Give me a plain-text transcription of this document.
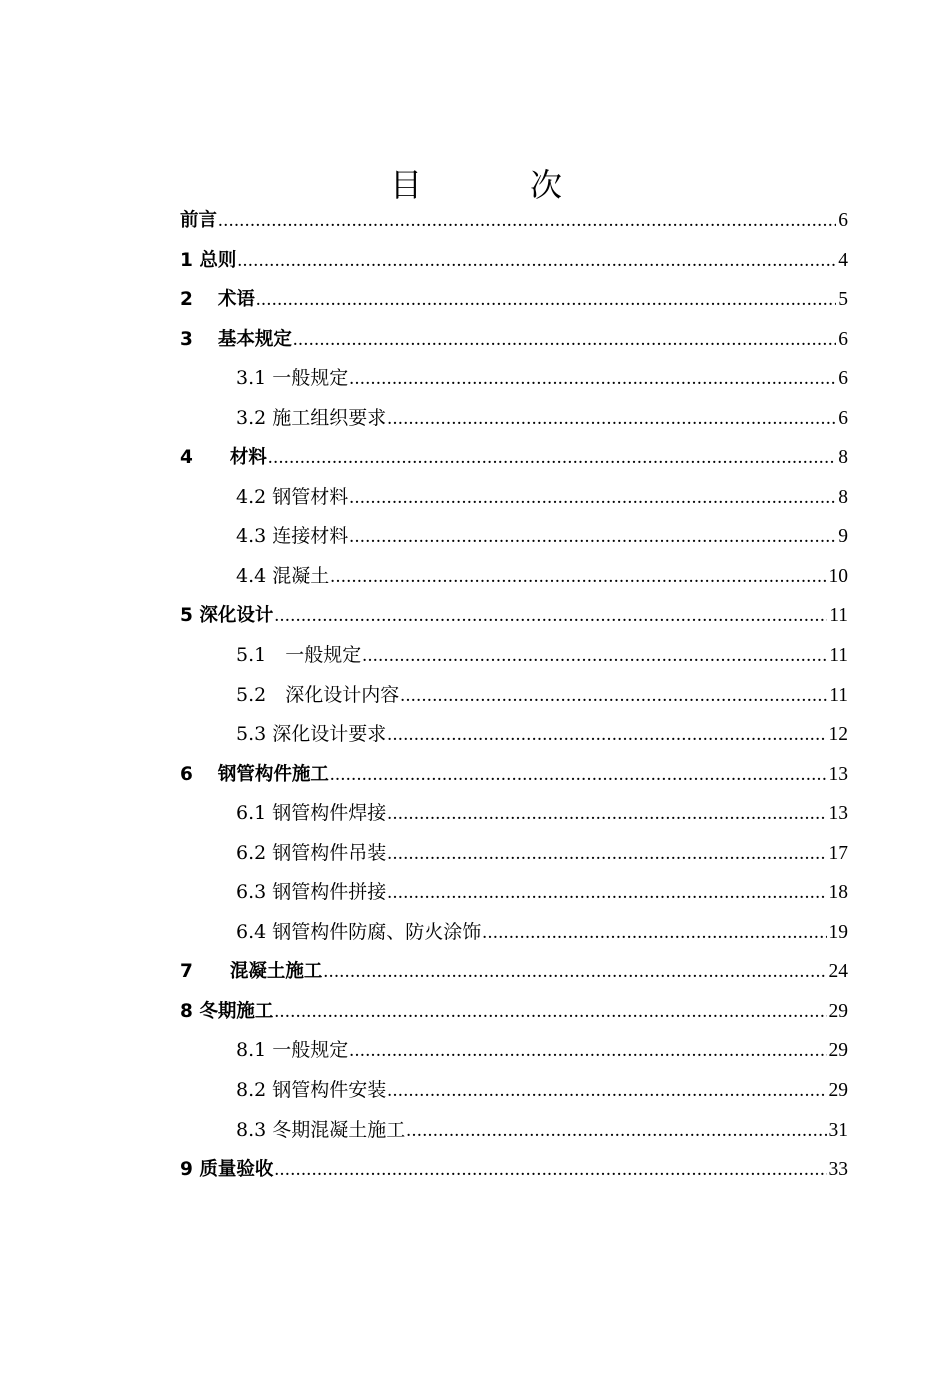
目　次
前言 .....	6
1 总则 .....	4
2　 术语 .....	5
3　 基本规定 .....	6
3.1 一般规定 .....	6
3.2 施工组织要求 .....	6
4　　材料 .....	8
4.2 钢管材料 .....	8
4.3 连接材料 .....	9
4.4 混凝土 .....	10
5 深化设计 .....	11
5.1　一般规定 .....	11
5.2　深化设计内容 .....	11
5.3 深化设计要求 .....	12
6　 钢管构件施工 .....	13
6.1 钢管构件焊接 .....	13
6.2 钢管构件吊装 .....	17
6.3 钢管构件拼接 .....	18
6.4 钢管构件防腐、防火涂饰 .....	19
7　　混凝土施工 .....	24
8 冬期施工 .....	29
8.1 一般规定 .....	29
8.2 钢管构件安装 .....	29
8.3 冬期混凝土施工 .....	31
9 质量验收 .....	33
